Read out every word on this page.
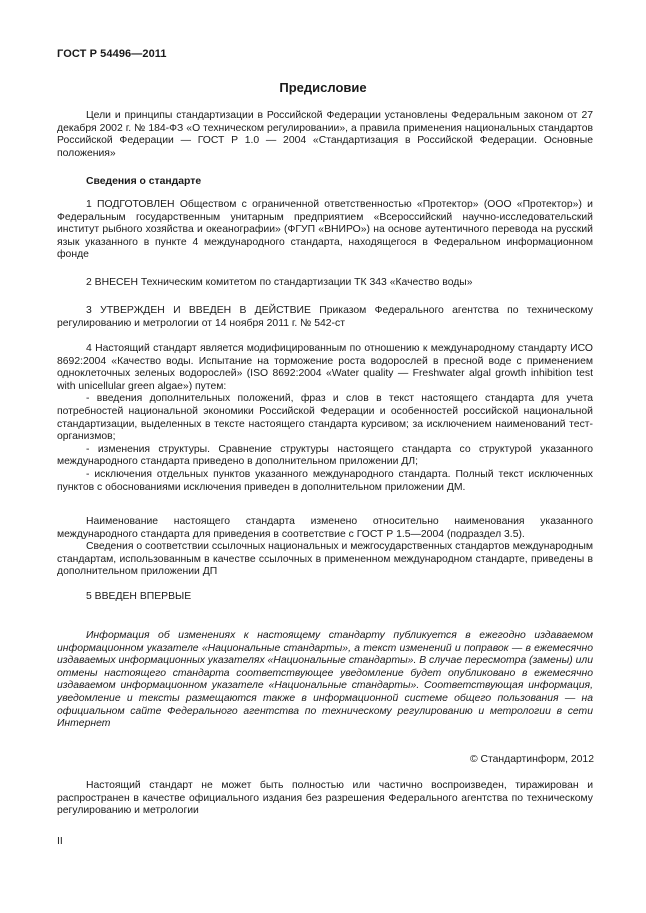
ГОСТ Р 54496—2011
Предисловие

Цели и принципы стандартизации в Российской Федерации установлены Федеральным законом от 27 декабря 2002 г. № 184-ФЗ «О техническом регулировании», а правила применения национальных стандартов Российской Федерации — ГОСТ Р 1.0 — 2004 «Стандартизация в Российской Федерации. Основные положения»

Сведения о стандарте

1 ПОДГОТОВЛЕН Обществом с ограниченной ответственностью «Протектор» (ООО «Протектор») и Федеральным государственным унитарным предприятием «Всероссийский научно-исследовательский институт рыбного хозяйства и океанографии» (ФГУП «ВНИРО») на основе аутентичного перевода на русский язык указанного в пункте 4 международного стандарта, находящегося в Федеральном информационном фонде

2 ВНЕСЕН Техническим комитетом по стандартизации ТК 343 «Качество воды»

3 УТВЕРЖДЕН И ВВЕДЕН В ДЕЙСТВИЕ Приказом Федерального агентства по техническому регулированию и метрологии от 14 ноября 2011 г. № 542-ст

4 Настоящий стандарт является модифицированным по отношению к международному стандарту ИСО 8692:2004 «Качество воды. Испытание на торможение роста водорослей в пресной воде с применением одноклеточных зеленых водорослей» (ISO 8692:2004 «Water quality — Freshwater algal growth inhibition test with unicellular green algae») путем:

- введения дополнительных положений, фраз и слов в текст настоящего стандарта для учета потребностей национальной экономики Российской Федерации и особенностей российской национальной стандартизации, выделенных в тексте настоящего стандарта курсивом; за исключением наименований тест-организмов;

- изменения структуры. Сравнение структуры настоящего стандарта со структурой указанного международного стандарта приведено в дополнительном приложении ДЛ;

- исключения отдельных пунктов указанного международного стандарта. Полный текст исключенных пунктов с обоснованиями исключения приведен в дополнительном приложении ДМ.

Наименование настоящего стандарта изменено относительно наименования указанного международного стандарта для приведения в соответствие с ГОСТ Р 1.5—2004 (подраздел 3.5).

Сведения о соответствии ссылочных национальных и межгосударственных стандартов международным стандартам, использованным в качестве ссылочных в примененном международном стандарте, приведены в дополнительном приложении ДП

5 ВВЕДЕН ВПЕРВЫЕ

Информация об изменениях к настоящему стандарту публикуется в ежегодно издаваемом информационном указателе «Национальные стандарты», а текст изменений и поправок — в ежемесячно издаваемых информационных указателях «Национальные стандарты». В случае пересмотра (замены) или отмены настоящего стандарта соответствующее уведомление будет опубликовано в ежемесячно издаваемом информационном указателе «Национальные стандарты». Соответствующая информация, уведомление и тексты размещаются также в информационной системе общего пользования — на официальном сайте Федерального агентства по техническому регулированию и метрологии в сети Интернет

© Стандартинформ, 2012

Настоящий стандарт не может быть полностью или частично воспроизведен, тиражирован и распространен в качестве официального издания без разрешения Федерального агентства по техническому регулированию и метрологии

II
